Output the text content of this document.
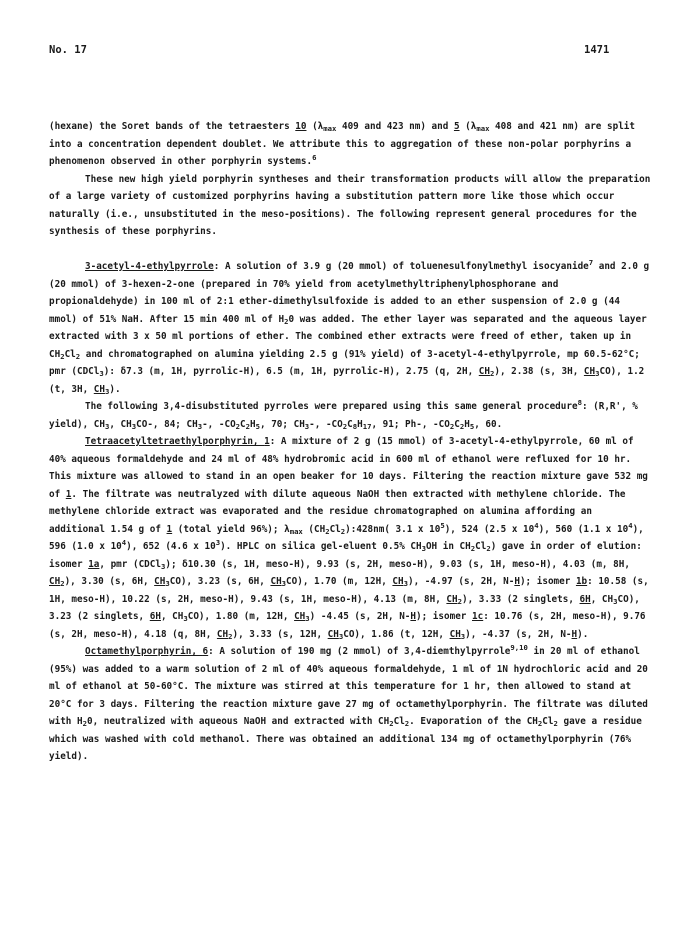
No. 17	1471

(hexane) the Soret bands of the tetraesters 10 ($\lambda_{max}$ 409 and 423 nm) and 5 ($\lambda_{max}$ 408 and 421 nm) are split into a concentration dependent doublet. We attribute this to aggregation of these non-polar porphyrins a phenomenon observed in other porphyrin systems.$^6$

These new high yield porphyrin syntheses and their transformation products will allow the preparation of a large variety of customized porphyrins having a substitution pattern more like those which occur naturally (i.e., unsubstituted in the meso-positions). The following represent general procedures for the synthesis of these porphyrins.

3-acetyl-4-ethylpyrrole: A solution of 3.9 g (20 mmol) of toluenesulfonylmethyl isocyanide$^7$ and 2.0 g (20 mmol) of 3-hexen-2-one (prepared in 70% yield from acetylmethyltriphenylphosphorane and propionaldehyde) in 100 ml of 2:1 ether-dimethylsulfoxide is added to an ether suspension of 2.0 g (44 mmol) of 51% NaH. After 15 min 400 ml of $H_20$ was added. The ether layer was separated and the aqueous layer extracted with 3 x 50 ml portions of ether. The combined ether extracts were freed of ether, taken up in $CH_2Cl_2$ and chromatographed on alumina yielding 2.5 g (91% yield) of 3-acetyl-4-ethylpyrrole, mp 60.5-62°C; pmr (CDCl$_3$): δ7.3 (m, 1H, pyrrolic-H), 6.5 (m, 1H, pyrrolic-H), 2.75 (q, 2H, $CH_2$), 2.38 (s, 3H, $CH_3CO$), 1.2 (t, 3H, $CH_3$).

The following 3,4-disubstituted pyrroles were prepared using this same general procedure$^8$: (R,R', % yield), $CH_3$, $CH_3CO-$, 84; $CH_3-$, $-CO_2C_2H_5$, 70; $CH_3-$, $-CO_2C_8H_{17}$, 91; Ph-, $-CO_2C_2H_5$, 60.

Tetraacetyltetraethylporphyrin, 1: A mixture of 2 g (15 mmol) of 3-acetyl-4-ethylpyrrole, 60 ml of 40% aqueous formaldehyde and 24 ml of 48% hydrobromic acid in 600 ml of ethanol were refluxed for 10 hr. This mixture was allowed to stand in an open beaker for 10 days. Filtering the reaction mixture gave 532 mg of 1. The filtrate was neutralyzed with dilute aqueous NaOH then extracted with methylene chloride. The methylene chloride extract was evaporated and the residue chromatographed on alumina affording an additional 1.54 g of 1 (total yield 96%); $\lambda_{max}$ $(CH_2Cl_2):428nm$( 3.1 x $10^5$), 524 (2.5 x $10^4$), 560 (1.1 x $10^4$), 596 (1.0 x $10^4$), 652 (4.6 x $10^3$). HPLC on silica gel-eluent 0.5% $CH_3OH$ in $CH_2Cl_2$) gave in order of elution: isomer 1a, pmr (CDCl$_3$); δ10.30 (s, 1H, meso-H), 9.93 (s, 2H, meso-H), 9.03 (s, 1H, meso-H), 4.03 (m, 8H, $CH_2$), 3.30 (s, 6H, $CH_3CO$), 3.23 (s, 6H, $CH_3CO$), 1.70 (m, 12H, $CH_3$), -4.97 (s, 2H, N-H); isomer 1b: 10.58 (s, 1H, meso-H), 10.22 (s, 2H, meso-H), 9.43 (s, 1H, meso-H), 4.13 (m, 8H, $CH_2$), 3.33 (2 singlets, 6H, $CH_3CO$), 3.23 (2 singlets, 6H, $CH_3CO$), 1.80 (m, 12H, $CH_3$) -4.45 (s, 2H, N-H); isomer 1c: 10.76 (s, 2H, meso-H), 9.76 (s, 2H, meso-H), 4.18 (q, 8H, $CH_2$), 3.33 (s, 12H, $CH_3CO$), 1.86 (t, 12H, $CH_3$), -4.37 (s, 2H, N-H).

Octamethylporphyrin, 6: A solution of 190 mg (2 mmol) of 3,4-diemthylpyrrole$^{9,10}$ in 20 ml of ethanol (95%) was added to a warm solution of 2 ml of 40% aqueous formaldehyde, 1 ml of 1N hydrochloric acid and 20 ml of ethanol at 50-60°C. The mixture was stirred at this temperature for 1 hr, then allowed to stand at 20°C for 3 days. Filtering the reaction mixture gave 27 mg of octamethylporphyrin. The filtrate was diluted with $H_20$, neutralized with aqueous NaOH and extracted with $CH_2Cl_2$. Evaporation of the $CH_2Cl_2$ gave a residue which was washed with cold methanol. There was obtained an additional 134 mg of octamethylporphyrin (76% yield).
